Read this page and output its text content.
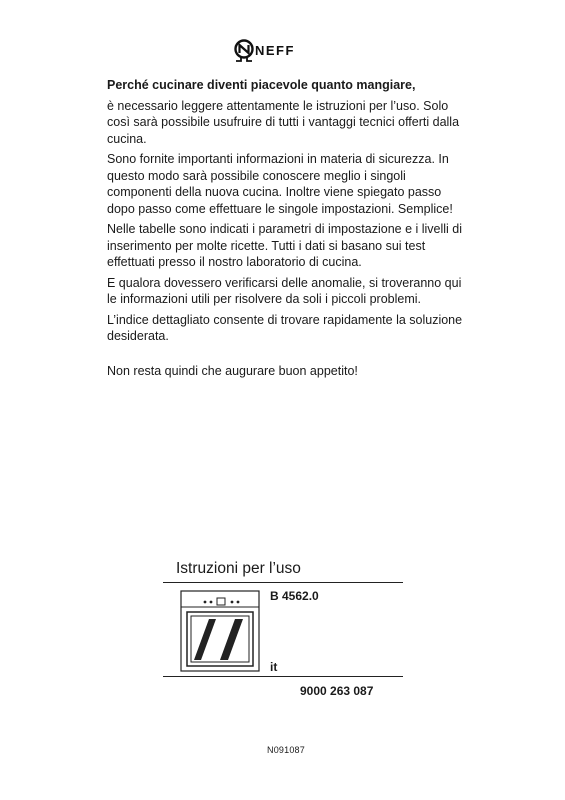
NEFF

Perché cucinare diventi piacevole quanto mangiare,

è necessario leggere attentamente le istruzioni per l’uso. Solo così sarà possibile usufruire di tutti i vantaggi tecnici offerti dalla cucina.

Sono fornite importanti informazioni in materia di sicurezza. In questo modo sarà possibile conoscere meglio i singoli componenti della nuova cucina. Inoltre viene spiegato passo dopo passo come effettuare le singole impostazioni. Semplice!

Nelle tabelle sono indicati i parametri di impostazione e i livelli di inserimento per molte ricette. Tutti i dati si basano sui test effettuati presso il nostro laboratorio di cucina.

E qualora dovessero verificarsi delle anomalie, si troveranno qui le informazioni utili per risolvere da soli i piccoli problemi.

L’indice dettagliato consente di trovare rapidamente la soluzione desiderata.

Non resta quindi che augurare buon appetito!

Istruzioni per l’uso
B 4562.0
it
9000 263 087
N091087
